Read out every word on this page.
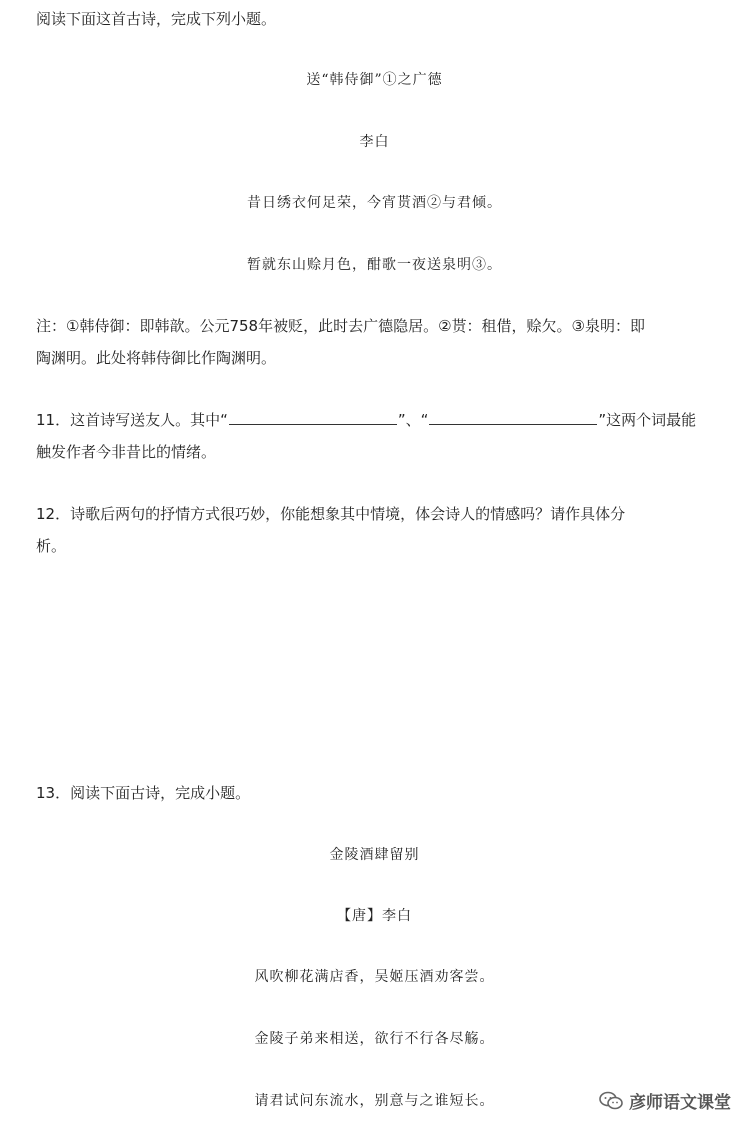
阅读下面这首古诗，完成下列小题。
送“韩侍御”①之广德
李白
昔日绣衣何足荣，今宵贳酒②与君倾。
暂就东山赊月色，酣歌一夜送泉明③。
注：①韩侍御：即韩歆。公元758年被贬，此时去广德隐居。②贳：租借，赊欠。③泉明：即
陶渊明。此处将韩侍御比作陶渊明。
11．这首诗写送友人。其中“	”、“	”这两个词最能
触发作者今非昔比的情绪。
12．诗歌后两句的抒情方式很巧妙，你能想象其中情境，体会诗人的情感吗？请作具体分
析。
13．阅读下面古诗，完成小题。
金陵酒肆留别
【唐】李白
风吹柳花满店香，吴姬压酒劝客尝。
金陵子弟来相送，欲行不行各尽觞。
请君试问东流水，别意与之谁短长。	彦师语文课堂
